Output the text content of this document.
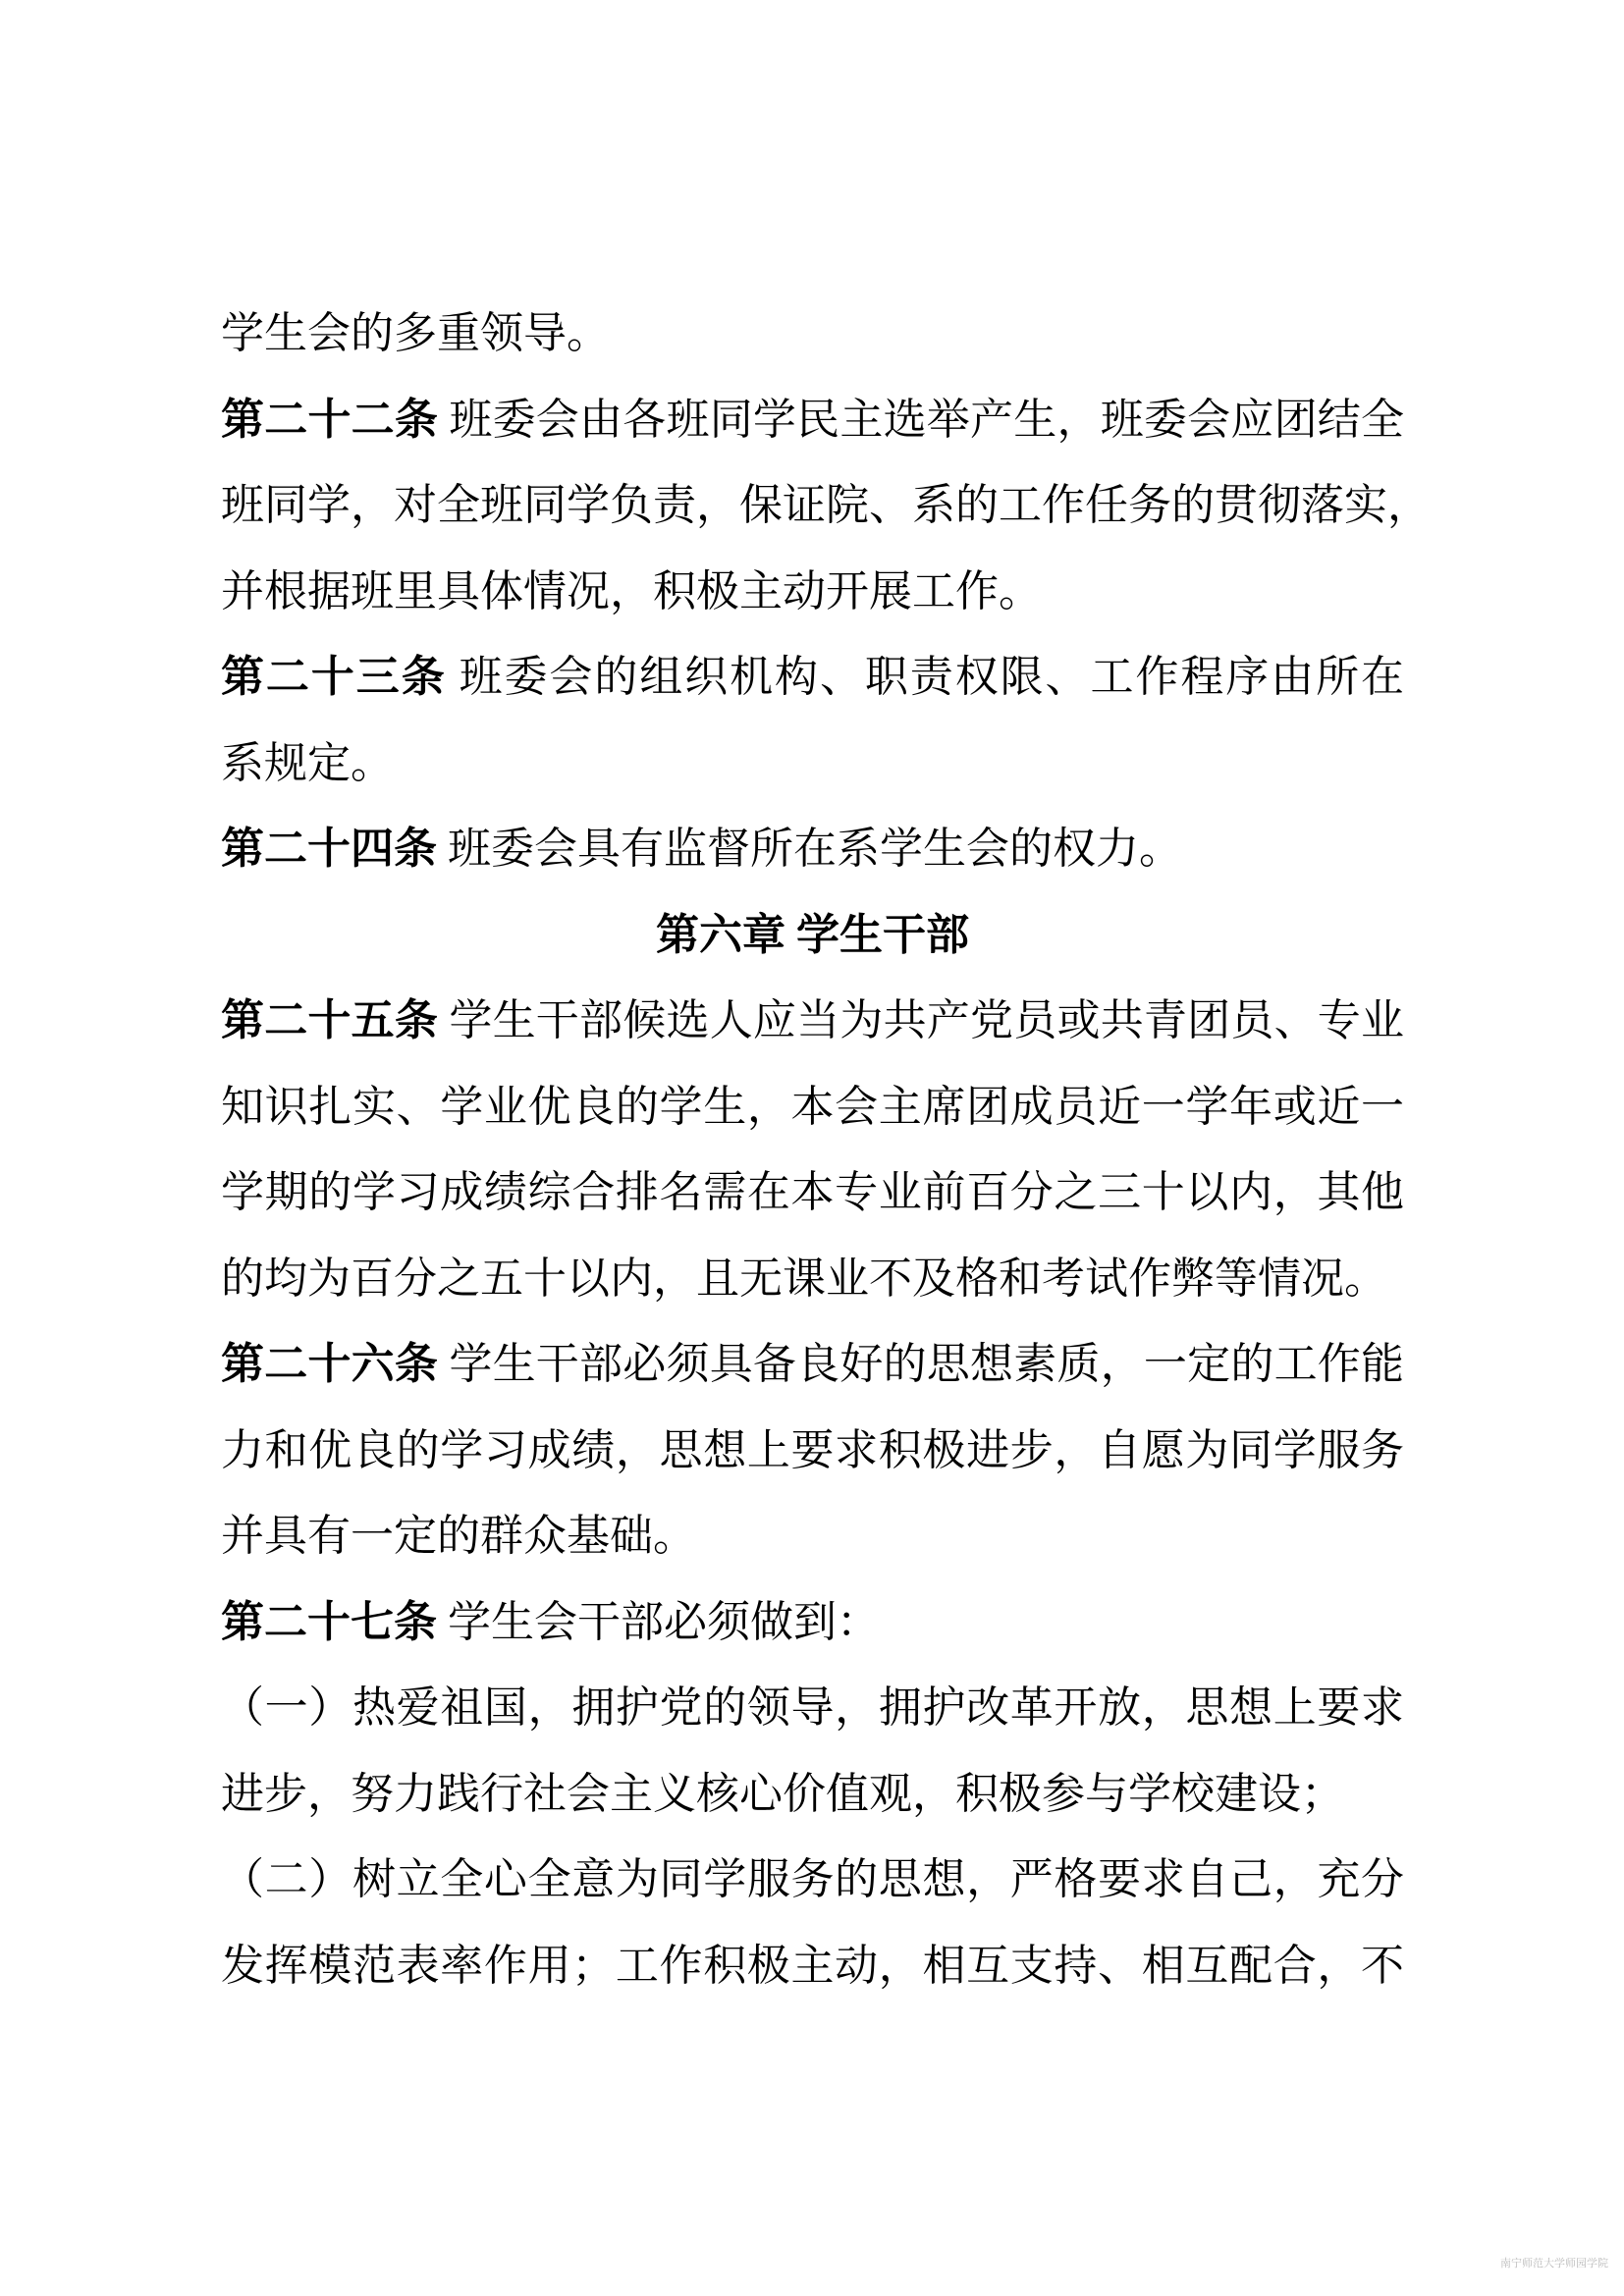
学生会的多重领导。
第二十二条 班委会由各班同学民主选举产生，班委会应团结全
班同学，对全班同学负责，保证院、系的工作任务的贯彻落实，
并根据班里具体情况，积极主动开展工作。
第二十三条 班委会的组织机构、职责权限、工作程序由所在
系规定。
第二十四条 班委会具有监督所在系学生会的权力。
第六章 学生干部
第二十五条 学生干部候选人应当为共产党员或共青团员、专业
知识扎实、学业优良的学生，本会主席团成员近一学年或近一
学期的学习成绩综合排名需在本专业前百分之三十以内，其他
的均为百分之五十以内，且无课业不及格和考试作弊等情况。
第二十六条 学生干部必须具备良好的思想素质，一定的工作能
力和优良的学习成绩，思想上要求积极进步，自愿为同学服务
并具有一定的群众基础。
第二十七条 学生会干部必须做到：
（一）热爱祖国，拥护党的领导，拥护改革开放，思想上要求
进步，努力践行社会主义核心价值观，积极参与学校建设；
（二）树立全心全意为同学服务的思想，严格要求自己，充分
发挥模范表率作用；工作积极主动，相互支持、相互配合，不
南宁师范大学师园学院
